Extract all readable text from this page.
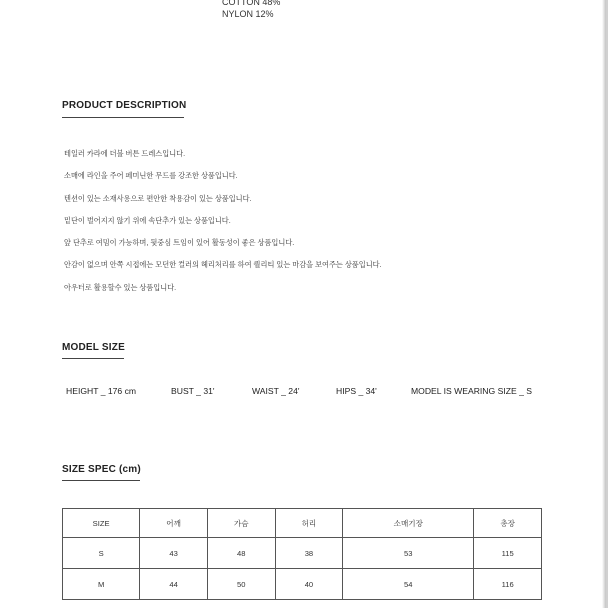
COTTON 48%
NYLON 12%
PRODUCT DESCRIPTION
테일러 카라에 더블 버튼 드레스입니다.
소매에 라인을 주어 페미닌한 무드를 강조한 상품입니다.
텐션이 있는 소재사용으로 편안한 착용감이 있는 상품입니다.
밑단이 벌어지지 않기 위에 속단추가 있는 상품입니다.
앞 단추로 여밈이 가능하며, 뒷중심 트임이 있어 활동성이 좋은 상품입니다.
안감이 없으며 안쪽 시접에는 모던한 컬러의 헤리처리를 하여 퀄리티 있는 마감을 보여주는 상품입니다.
아우터로 활용할수 있는 상품입니다.
MODEL SIZE
HEIGHT _ 176 cm	BUST _ 31'	WAIST _ 24'	HIPS _ 34'	MODEL IS WEARING SIZE _ S
SIZE SPEC (cm)
SIZE	어깨	가슴	허리	소매기장	총장
S	43	48	38	53	115
M	44	50	40	54	116
